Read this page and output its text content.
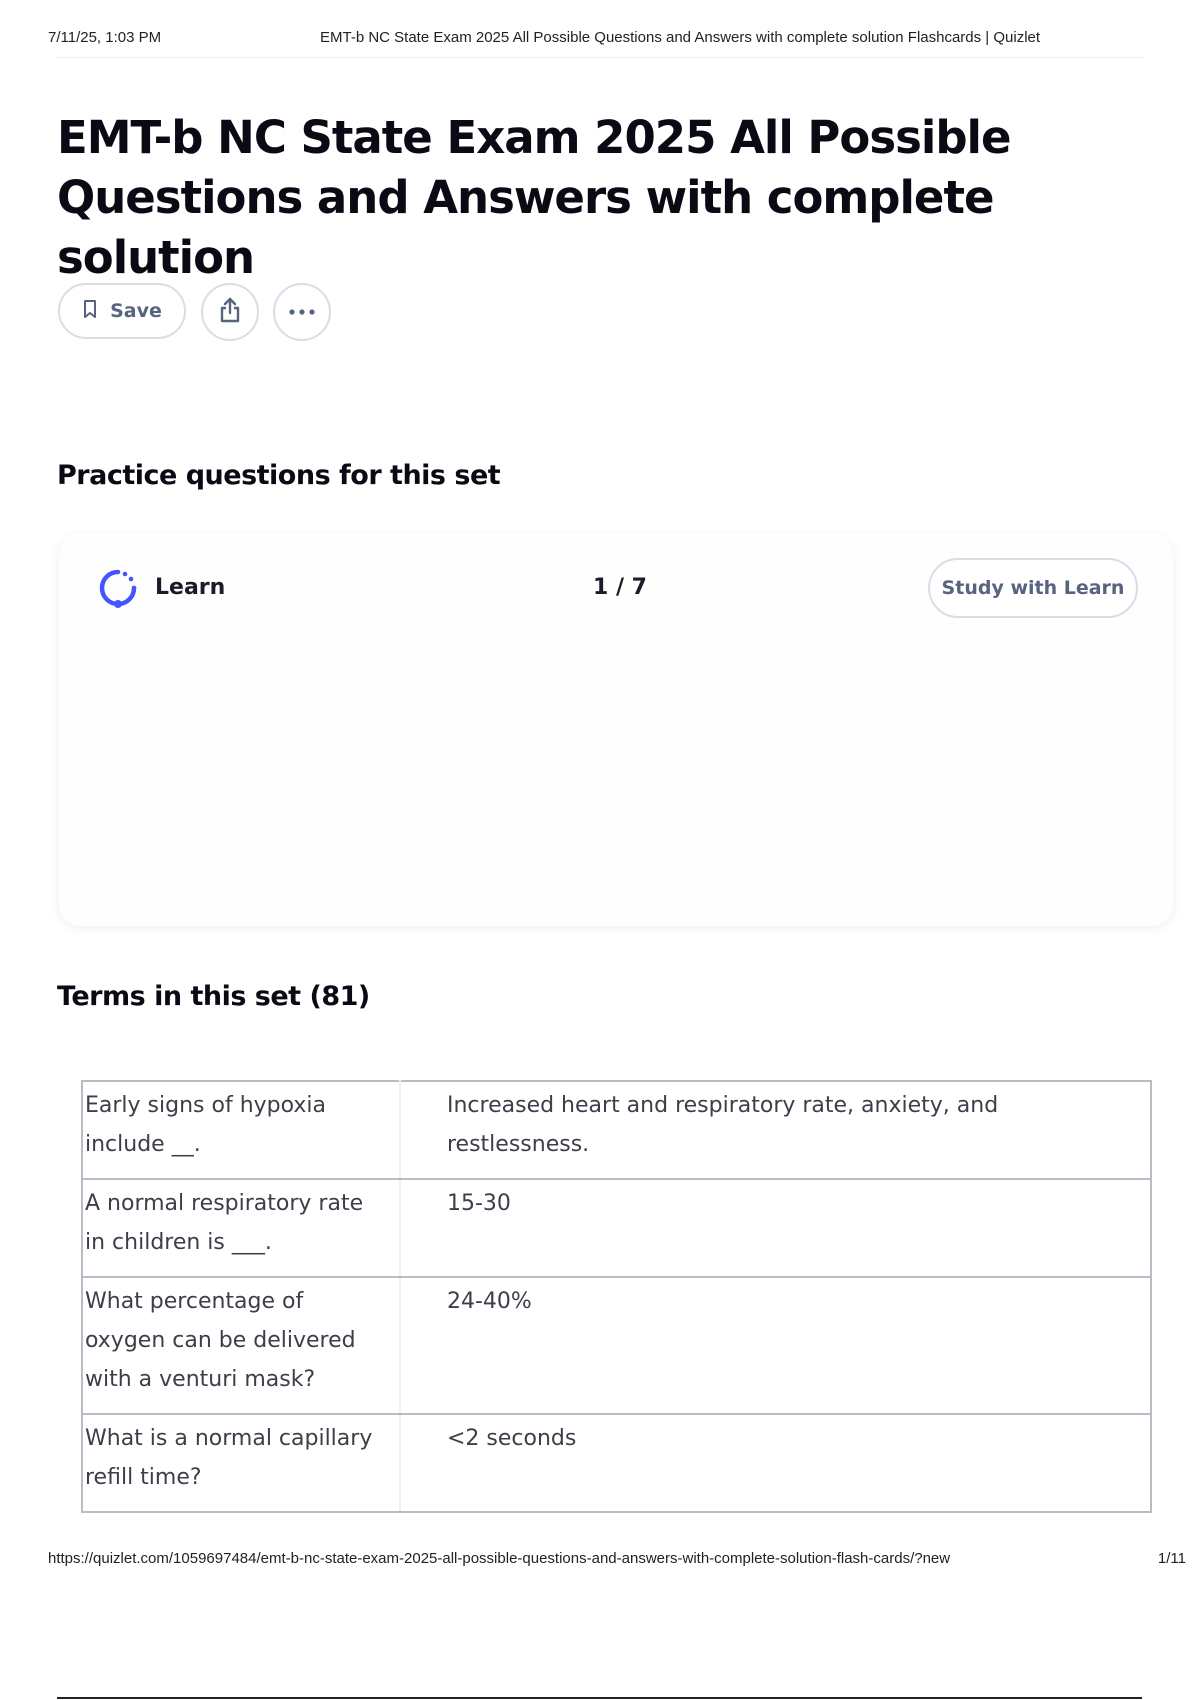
7/11/25, 1:03 PM	EMT-b NC State Exam 2025 All Possible Questions and Answers with complete solution Flashcards | Quizlet
EMT-b NC State Exam 2025 All Possible Questions and Answers with complete solution
Save
Practice questions for this set
Learn	1 / 7	Study with Learn
Terms in this set (81)
Early signs of hypoxia include __.	Increased heart and respiratory rate, anxiety, and restlessness.
A normal respiratory rate in children is ___.	15-30
What percentage of oxygen can be delivered with a venturi mask?	24-40%
What is a normal capillary refill time?	<2 seconds
https://quizlet.com/1059697484/emt-b-nc-state-exam-2025-all-possible-questions-and-answers-with-complete-solution-flash-cards/?new	1/11
